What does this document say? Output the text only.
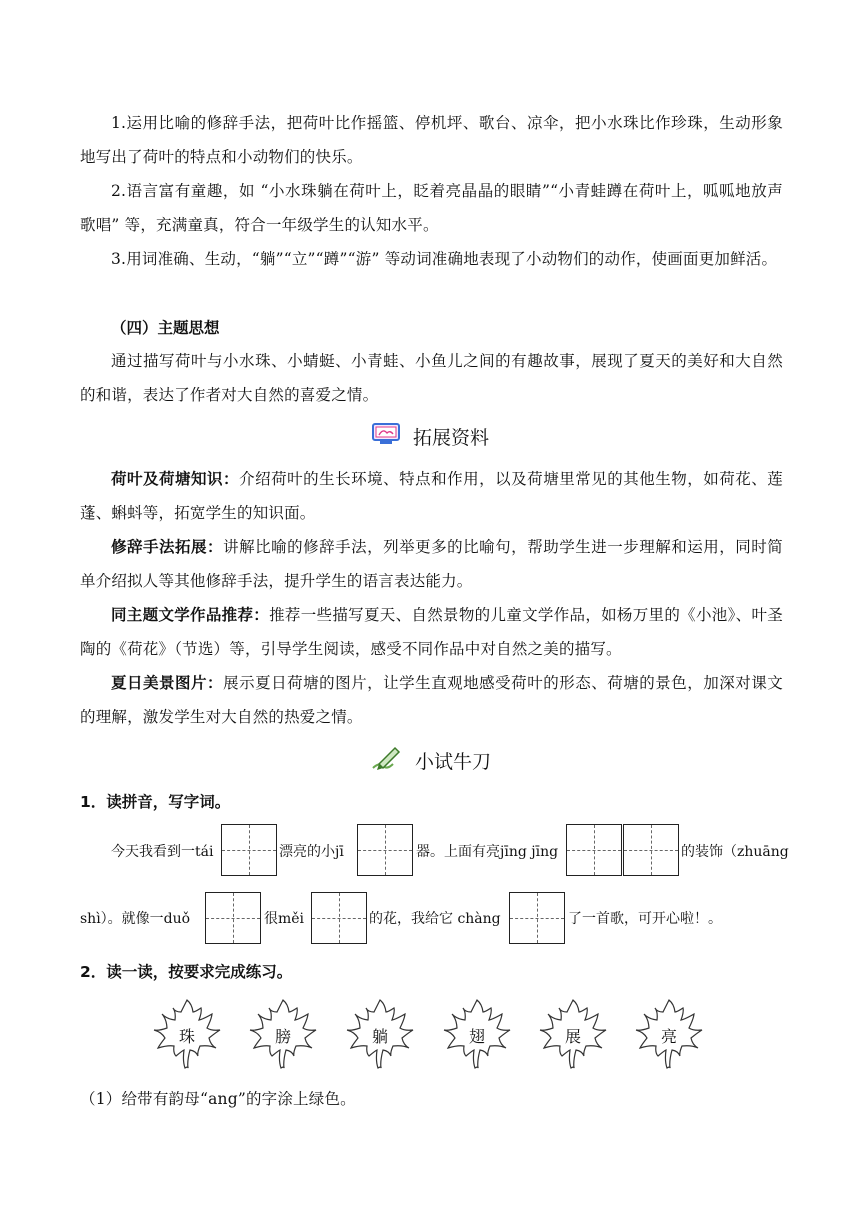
1.运用比喻的修辞手法，把荷叶比作摇篮、停机坪、歌台、凉伞，把小水珠比作珍珠，生动形象地写出了荷叶的特点和小动物们的快乐。

2.语言富有童趣，如 “小水珠躺在荷叶上，眨着亮晶晶的眼睛”“小青蛙蹲在荷叶上，呱呱地放声歌唱” 等，充满童真，符合一年级学生的认知水平。

3.用词准确、生动，“躺”“立”“蹲”“游” 等动词准确地表现了小动物们的动作，使画面更加鲜活。

（四）主题思想

通过描写荷叶与小水珠、小蜻蜓、小青蛙、小鱼儿之间的有趣故事，展现了夏天的美好和大自然的和谐，表达了作者对大自然的喜爱之情。

拓展资料

荷叶及荷塘知识：介绍荷叶的生长环境、特点和作用，以及荷塘里常见的其他生物，如荷花、莲蓬、蝌蚪等，拓宽学生的知识面。

修辞手法拓展：讲解比喻的修辞手法，列举更多的比喻句，帮助学生进一步理解和运用，同时简单介绍拟人等其他修辞手法，提升学生的语言表达能力。

同主题文学作品推荐：推荐一些描写夏天、自然景物的儿童文学作品，如杨万里的《小池》、叶圣陶的《荷花》（节选）等，引导学生阅读，感受不同作品中对自然之美的描写。

夏日美景图片：展示夏日荷塘的图片，让学生直观地感受荷叶的形态、荷塘的景色，加深对课文的理解，激发学生对大自然的热爱之情。

小试牛刀

1．读拼音，写字词。

今天我看到一tái	漂亮的小jī	器。上面有亮jīng jīng	的装饰（zhuāng
shì）。就像一duǒ	很měi	的花，我给它 chàng	了一首歌，可开心啦！。

2．读一读，按要求完成练习。

珠	膀	躺	翅	展	亮

（1）给带有韵母“ang”的字涂上绿色。
